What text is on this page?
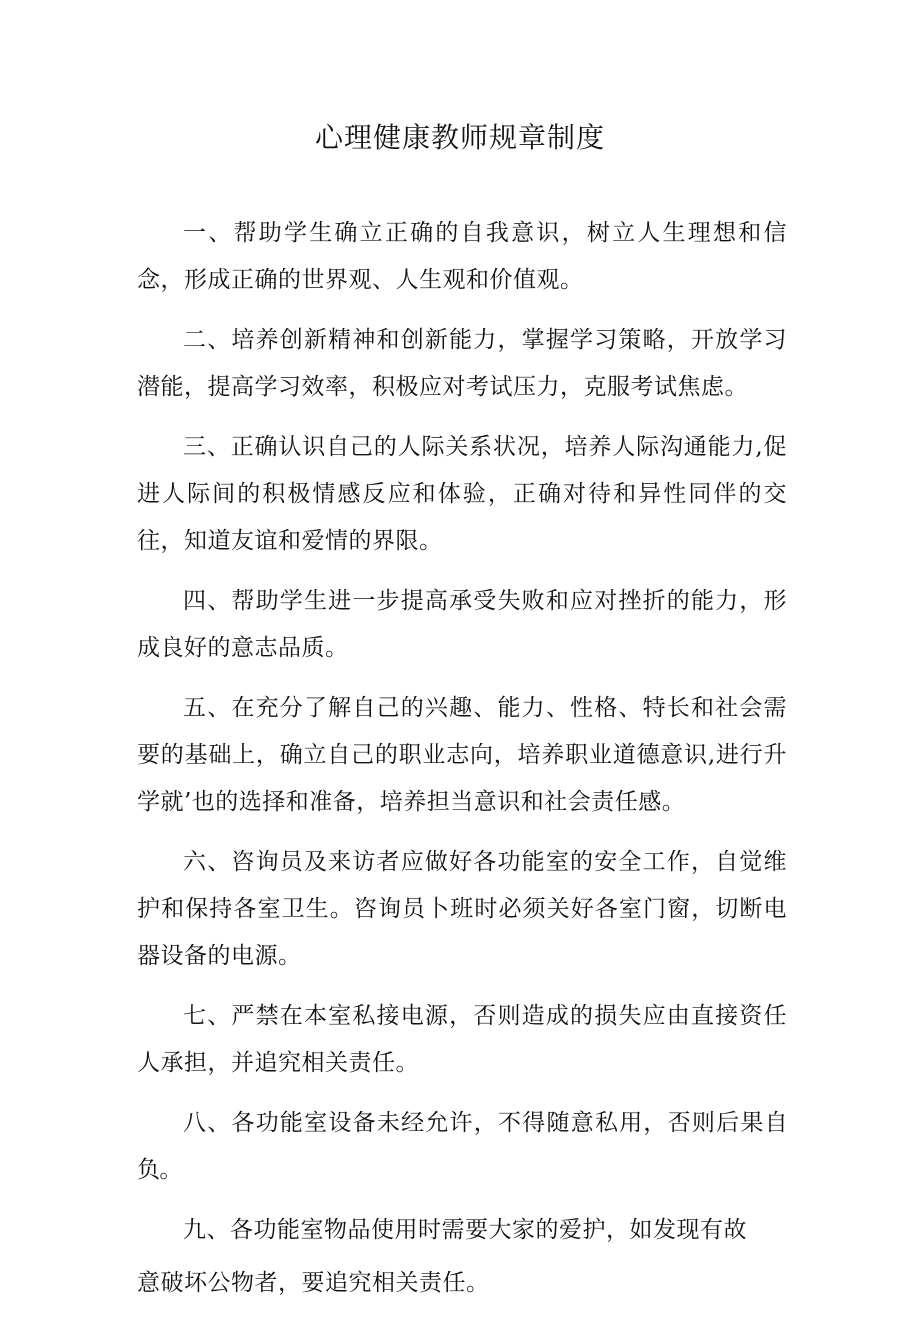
心理健康教师规章制度

一、帮助学生确立正确的自我意识，树立人生理想和信念，形成正确的世界观、人生观和价值观。

二、培养创新精神和创新能力，掌握学习策略，开放学习潜能，提高学习效率，积极应对考试压力，克服考试焦虑。

三、正确认识自己的人际关系状况，培养人际沟通能力,促进人际间的积极情感反应和体验，正确对待和异性同伴的交往，知道友谊和爱情的界限。

四、帮助学生进一步提高承受失败和应对挫折的能力，形成良好的意志品质。

五、在充分了解自己的兴趣、能力、性格、特长和社会需要的基础上，确立自己的职业志向，培养职业道德意识,进行升学就’也的选择和准备，培养担当意识和社会责任感。

六、咨询员及来访者应做好各功能室的安全工作，自觉维护和保持各室卫生。咨询员卜班时必须关好各室门窗，切断电器设备的电源。

七、严禁在本室私接电源，否则造成的损失应由直接资任人承担，并追究相关责任。

八、各功能室设备未经允许，不得随意私用，否则后果自负。

九、各功能室物品使用时需要大家的爱护，如发现有故
意破坏公物者，要追究相关责任。
